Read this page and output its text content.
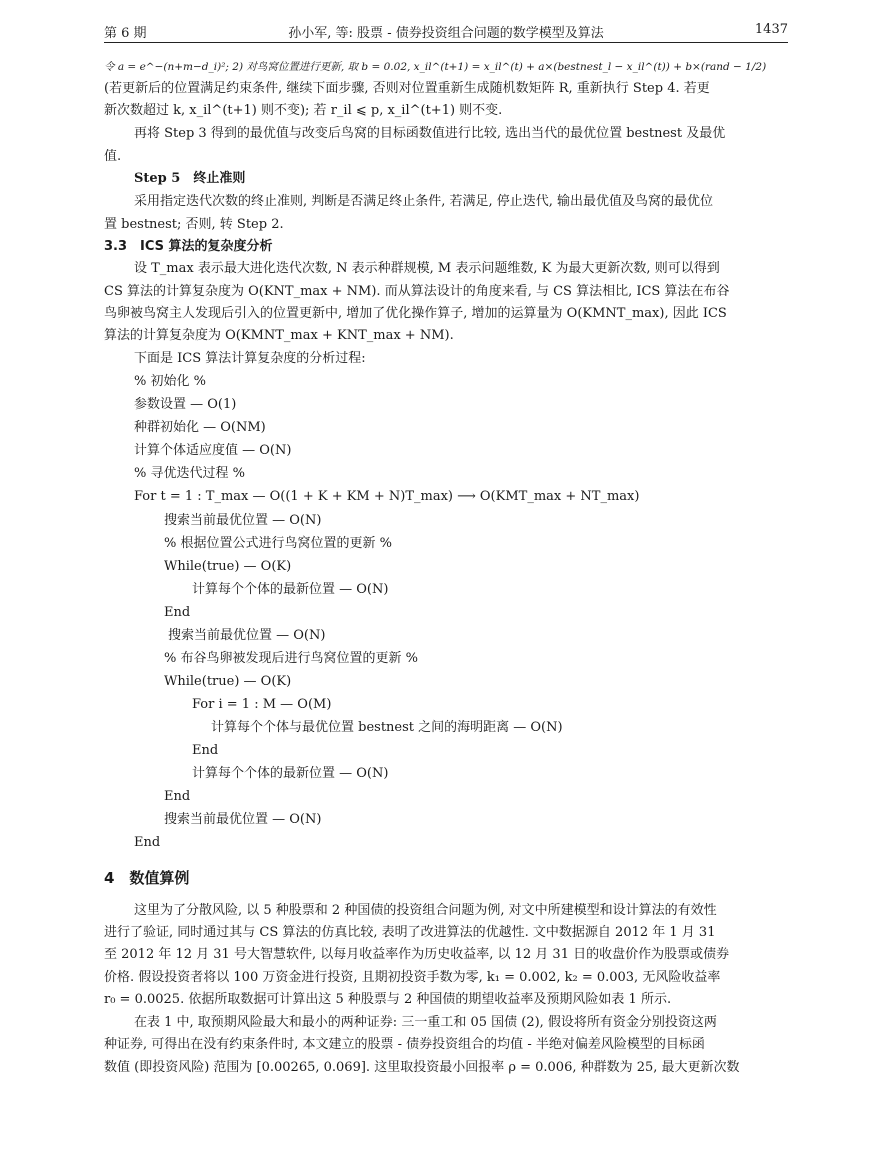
第 6 期	孙小军, 等: 股票 - 债券投资组合问题的数学模型及算法	1437
令 a = e^−(n+m−d_i)²; 2) 对鸟窝位置进行更新, 取 b = 0.02, x_il^(t+1) = x_il^(t) + a×(bestnest_l − x_il^(t)) + b×(rand − 1/2)
(若更新后的位置满足约束条件, 继续下面步骤, 否则对位置重新生成随机数矩阵 R, 重新执行 Step 4. 若更
新次数超过 k, x_il^(t+1) 则不变); 若 r_il ⩽ p, x_il^(t+1) 则不变.
再将 Step 3 得到的最优值与改变后鸟窝的目标函数值进行比较, 选出当代的最优位置 bestnest 及最优
值.
Step 5　终止准则
采用指定迭代次数的终止准则, 判断是否满足终止条件, 若满足, 停止迭代, 输出最优值及鸟窝的最优位
置 bestnest; 否则, 转 Step 2.
3.3　ICS 算法的复杂度分析
设 T_max 表示最大进化迭代次数, N 表示种群规模, M 表示问题维数, K 为最大更新次数, 则可以得到
CS 算法的计算复杂度为 O(KNT_max + NM). 而从算法设计的角度来看, 与 CS 算法相比, ICS 算法在布谷
鸟卵被鸟窝主人发现后引入的位置更新中, 增加了优化操作算子, 增加的运算量为 O(KMNT_max), 因此 ICS
算法的计算复杂度为 O(KMNT_max + KNT_max + NM).
下面是 ICS 算法计算复杂度的分析过程:
% 初始化 %
参数设置 — O(1)
种群初始化 — O(NM)
计算个体适应度值 — O(N)
% 寻优迭代过程 %
For t = 1 : T_max — O((1 + K + KM + N)T_max) ⟶ O(KMT_max + NT_max)
搜索当前最优位置 — O(N)
% 根据位置公式进行鸟窝位置的更新 %
While(true) — O(K)
计算每个个体的最新位置 — O(N)
End
搜索当前最优位置 — O(N)
% 布谷鸟卵被发现后进行鸟窝位置的更新 %
While(true) — O(K)
For i = 1 : M — O(M)
计算每个个体与最优位置 bestnest 之间的海明距离 — O(N)
End
计算每个个体的最新位置 — O(N)
End
搜索当前最优位置 — O(N)
End
4　数值算例
这里为了分散风险, 以 5 种股票和 2 种国债的投资组合问题为例, 对文中所建模型和设计算法的有效性
进行了验证, 同时通过其与 CS 算法的仿真比较, 表明了改进算法的优越性. 文中数据源自 2012 年 1 月 31
至 2012 年 12 月 31 号大智慧软件, 以每月收益率作为历史收益率, 以 12 月 31 日的收盘价作为股票或债券
价格. 假设投资者将以 100 万资金进行投资, 且期初投资手数为零, k₁ = 0.002, k₂ = 0.003, 无风险收益率
r₀ = 0.0025. 依据所取数据可计算出这 5 种股票与 2 种国债的期望收益率及预期风险如表 1 所示.
在表 1 中, 取预期风险最大和最小的两种证券: 三一重工和 05 国债 (2), 假设将所有资金分别投资这两
种证券, 可得出在没有约束条件时, 本文建立的股票 - 债券投资组合的均值 - 半绝对偏差风险模型的目标函
数值 (即投资风险) 范围为 [0.00265, 0.069]. 这里取投资最小回报率 ρ = 0.006, 种群数为 25, 最大更新次数
